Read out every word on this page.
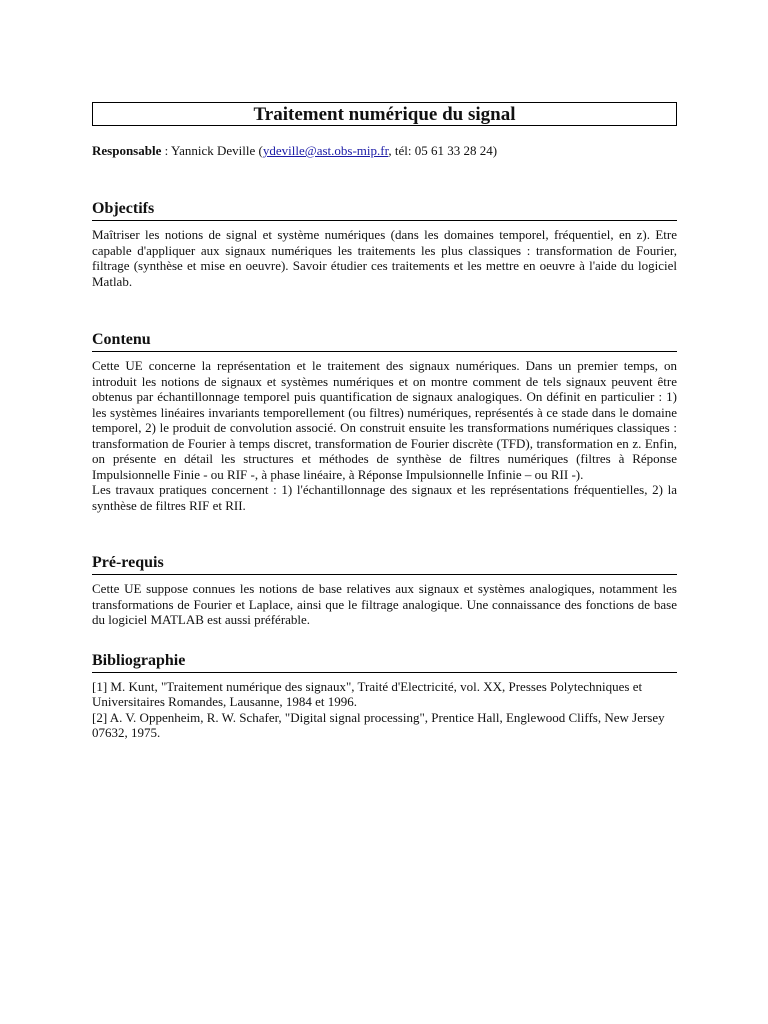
Traitement numérique du signal
Responsable : Yannick Deville (ydeville@ast.obs-mip.fr, tél: 05 61 33 28 24)
Objectifs
Maîtriser les notions de signal et système numériques (dans les domaines temporel, fréquentiel, en z). Etre capable d'appliquer aux signaux numériques les traitements les plus classiques : transformation de Fourier, filtrage (synthèse et mise en oeuvre). Savoir étudier ces traitements et les mettre en oeuvre à l'aide du logiciel Matlab.
Contenu
Cette UE concerne la représentation et le traitement des signaux numériques. Dans un premier temps, on introduit les notions de signaux et systèmes numériques et on montre comment de tels signaux peuvent être obtenus par échantillonnage temporel puis quantification de signaux analogiques. On définit en particulier : 1) les systèmes linéaires invariants temporellement (ou filtres) numériques, représentés à ce stade dans le domaine temporel, 2) le produit de convolution associé. On construit ensuite les transformations numériques classiques : transformation de Fourier à temps discret, transformation de Fourier discrète (TFD), transformation en z. Enfin, on présente en détail les structures et méthodes de synthèse de filtres numériques (filtres à Réponse Impulsionnelle Finie - ou RIF -, à phase linéaire, à Réponse Impulsionnelle Infinie – ou RII -).
Les travaux pratiques concernent : 1) l'échantillonnage des signaux et les représentations fréquentielles, 2) la synthèse de filtres RIF et RII.
Pré-requis
Cette UE suppose connues les notions de base relatives aux signaux et systèmes analogiques, notamment les transformations de Fourier et Laplace, ainsi que le filtrage analogique. Une connaissance des fonctions de base du logiciel MATLAB est aussi préférable.
Bibliographie
[1] M. Kunt, "Traitement numérique des signaux", Traité d'Electricité, vol. XX, Presses Polytechniques et Universitaires Romandes, Lausanne, 1984 et 1996.
[2] A. V. Oppenheim, R. W. Schafer, "Digital signal processing", Prentice Hall, Englewood Cliffs, New Jersey 07632, 1975.
